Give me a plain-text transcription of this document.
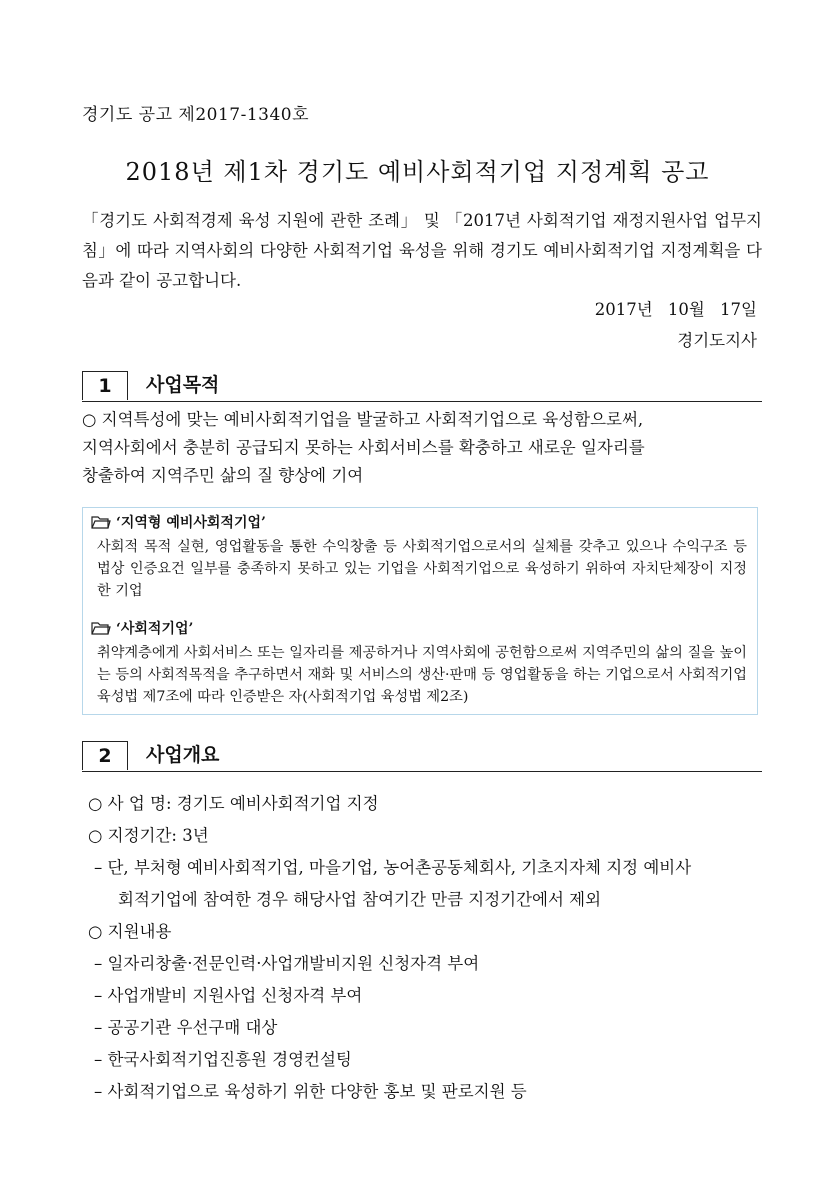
경기도 공고 제2017-1340호
2018년 제1차 경기도 예비사회적기업 지정계획 공고
「경기도 사회적경제 육성 지원에 관한 조례」 및 「2017년 사회적기업 재정지원사업 업무지침」에 따라 지역사회의 다양한 사회적기업 육성을 위해 경기도 예비사회적기업 지정계획을 다음과 같이 공고합니다.
2017년 10월 17일
경기도지사
1	사업목적
○ 지역특성에 맞는 예비사회적기업을 발굴하고 사회적기업으로 육성함으로써,
지역사회에서 충분히 공급되지 못하는 사회서비스를 확충하고 새로운 일자리를
창출하여 지역주민 삶의 질 향상에 기여
‘지역형 예비사회적기업’
사회적 목적 실현, 영업활동을 통한 수익창출 등 사회적기업으로서의 실체를 갖추고 있으나 수익구조 등 법상 인증요건 일부를 충족하지 못하고 있는 기업을 사회적기업으로 육성하기 위하여 자치단체장이 지정한 기업
‘사회적기업’
취약계층에게 사회서비스 또는 일자리를 제공하거나 지역사회에 공헌함으로써 지역주민의 삶의 질을 높이는 등의 사회적목적을 추구하면서 재화 및 서비스의 생산·판매 등 영업활동을 하는 기업으로서 사회적기업육성법 제7조에 따라 인증받은 자(사회적기업 육성법 제2조)
2	사업개요
○ 사 업 명: 경기도 예비사회적기업 지정
○ 지정기간: 3년
– 단, 부처형 예비사회적기업, 마을기업, 농어촌공동체회사, 기초지자체 지정 예비사
회적기업에 참여한 경우 해당사업 참여기간 만큼 지정기간에서 제외
○ 지원내용
– 일자리창출·전문인력·사업개발비지원 신청자격 부여
– 사업개발비 지원사업 신청자격 부여
– 공공기관 우선구매 대상
– 한국사회적기업진흥원 경영컨설팅
– 사회적기업으로 육성하기 위한 다양한 홍보 및 판로지원 등
